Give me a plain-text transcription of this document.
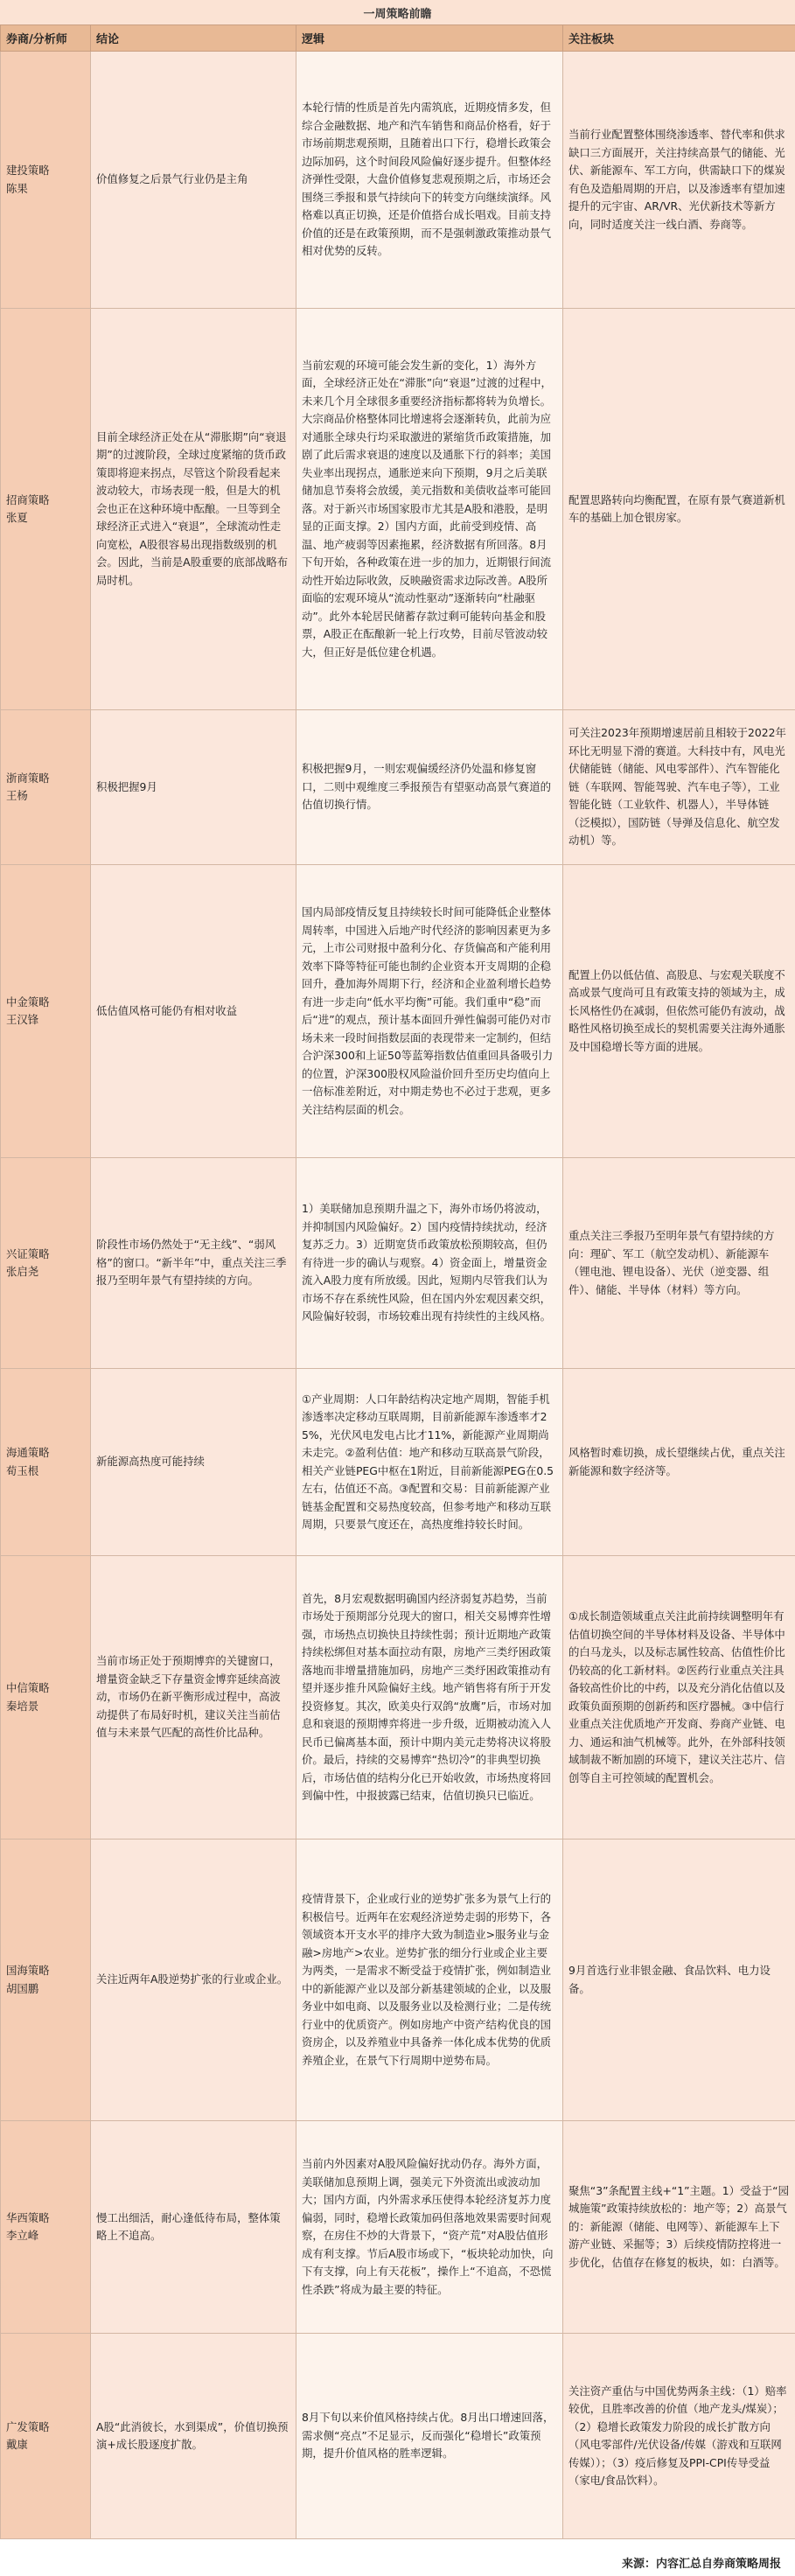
一周策略前瞻
券商/分析师	结论	逻辑	关注板块

建投策略
陈果	价值修复之后景气行业仍是主角	本轮行情的性质是首先内需筑底，近期疫情多发，但综合金融数据、地产和汽车销售和商品价格看，好于市场前期悲观预期，且随着出口下行，稳增长政策会边际加码，这个时间段风险偏好逐步提升。但整体经济弹性受限，大盘价值修复悲观预期之后，市场还会围绕三季报和景气持续向下的转变方向继续演绎。风格难以真正切换，还是价值搭台成长唱戏。目前支持价值的还是在政策预期，而不是强刺激政策推动景气相对优势的反转。	当前行业配置整体围绕渗透率、替代率和供求缺口三方面展开，关注持续高景气的储能、光伏、新能源车、军工方向，供需缺口下的煤炭有色及造船周期的开启，以及渗透率有望加速提升的元宇宙、AR/VR、光伏新技术等新方向，同时适度关注一线白酒、券商等。

招商策略
张夏	目前全球经济正处在从“滞胀期”向“衰退期”的过渡阶段，全球过度紧缩的货币政策即将迎来拐点，尽管这个阶段看起来波动较大，市场表现一般，但是大的机会也正在这种环境中酝酿。一旦等到全球经济正式进入“衰退”，全球流动性走向宽松，A股很容易出现指数级别的机会。因此，当前是A股重要的底部战略布局时机。	当前宏观的环境可能会发生新的变化，1）海外方面，全球经济正处在“滞胀”向“衰退”过渡的过程中，未来几个月全球很多重要经济指标都将转为负增长。大宗商品价格整体同比增速将会逐渐转负，此前为应对通胀全球央行均采取激进的紧缩货币政策措施，加剧了此后需求衰退的速度以及通胀下行的斜率；美国失业率出现拐点，通胀逆来向下预期，9月之后美联储加息节奏将会放缓，美元指数和美债收益率可能回落。对于新兴市场国家股市尤其是A股和港股，是明显的正面支撑。2）国内方面，此前受到疫情、高温、地产疲弱等因素拖累，经济数据有所回落。8月下旬开始，各种政策在进一步的加力，近期银行间流动性开始边际收敛，反映融资需求边际改善。A股所面临的宏观环境从“流动性驱动”逐渐转向“杜融驱动”。此外本轮居民储蓄存款过剩可能转向基金和股票，A股正在酝酿新一轮上行攻势，目前尽管波动较大，但正好是低位建仓机遇。	配置思路转向均衡配置，在原有景气赛道新机车的基础上加仓银房家。

浙商策略
王杨	积极把握9月	积极把握9月，一则宏观偏缓经济仍处温和修复窗口，二则中观维度三季报预告有望驱动高景气赛道的估值切换行情。	可关注2023年预期增速居前且相较于2022年环比无明显下滑的赛道。大科技中有，风电光伏储能链（储能、风电零部件）、汽车智能化链（车联网、智能驾驶、汽车电子等），工业智能化链（工业软件、机器人），半导体链（泛模拟），国防链（导弹及信息化、航空发动机）等。

中金策略
王汉锋	低估值风格可能仍有相对收益	国内局部疫情反复且持续较长时间可能降低企业整体周转率，中国进入后地产时代经济的影响因素更为多元，上市公司财报中盈利分化、存货偏高和产能利用效率下降等特征可能也制约企业资本开支周期的企稳回升，叠加海外周期下行，经济和企业盈利增长趋势有进一步走向“低水平均衡”可能。我们重申“稳”而后“进”的观点，预计基本面回升弹性偏弱可能仍对市场未来一段时间指数层面的表现带来一定制约，但结合沪深300和上证50等蓝筹指数估值重回具备吸引力的位置，沪深300股权风险溢价回升至历史均值向上一倍标准差附近，对中期走势也不必过于悲观，更多关注结构层面的机会。	配置上仍以低估值、高股息、与宏观关联度不高或景气度尚可且有政策支持的领域为主，成长风格性仍在减弱，但依然可能仍有波动，战略性风格切换至成长的契机需要关注海外通胀及中国稳增长等方面的进展。

兴证策略
张启尧	阶段性市场仍然处于“无主线”、“弱风格”的窗口。“新半年”中，重点关注三季报乃至明年景气有望持续的方向。	1）美联储加息预期升温之下，海外市场仍将波动，并抑制国内风险偏好。2）国内疫情持续扰动，经济复苏乏力。3）近期宽货币政策放松预期较高，但仍有待进一步的确认与观察。4）资金面上，增量资金流入A股力度有所放缓。因此，短期内尽管我们认为市场不存在系统性风险，但在国内外宏观因素交织，风险偏好较弱，市场较难出现有持续性的主线风格。	重点关注三季报乃至明年景气有望持续的方向：理矿、军工（航空发动机）、新能源车（锂电池、锂电设备）、光伏（逆变器、组件）、储能、半导体（材料）等方向。

海通策略
荀玉根	新能源高热度可能持续	①产业周期：人口年龄结构决定地产周期，智能手机渗透率决定移动互联周期，目前新能源车渗透率才25%，光伏风电发电占比才11%，新能源产业周期尚未走完。②盈利估值：地产和移动互联高景气阶段，相关产业链PEG中枢在1附近，目前新能源PEG在0.5左右，估值还不高。③配置和交易：目前新能源产业链基金配置和交易热度较高，但参考地产和移动互联周期，只要景气度还在，高热度维持较长时间。	风格暂时难切换，成长望继续占优，重点关注新能源和数字经济等。

中信策略
秦培景	当前市场正处于预期博弈的关键窗口，增量资金缺乏下存量资金博弈延续高波动，市场仍在新平衡形成过程中，高波动提供了布局好时机，建议关注当前估值与未来景气匹配的高性价比品种。	首先，8月宏观数据明确国内经济弱复苏趋势，当前市场处于预期部分兑现大的窗口，相关交易博弈性增强，市场热点切换快且持续性弱；预计近期地产政策持续松绑但对基本面拉动有限，房地产三类纾困政策落地而非增量措施加码，房地产三类纾困政策推动有望并逐步推升风险偏好主线。地产销售将有所于开发投资修复。其次，欧美央行双鸽“放鹰”后，市场对加息和衰退的预期博弈将进一步升级，近期被动流入人民币已偏离基本面，预计中期内美元走势将决议将股价。最后，持续的交易博弈“热切冷”的非典型切换后，市场估值的结构分化已开始收敛，市场热度将回到偏中性，中报披露已结束，估值切换只已临近。	①成长制造领域重点关注此前持续调整明年有估值切换空间的半导体材料及设备、半导体中的白马龙头，以及标志属性较高、估值性价比仍较高的化工新材料。②医药行业重点关注具备较高性价比的中药，以及充分消化估值以及政策负面预期的创新药和医疗器械。③中信行业重点关注优质地产开发商、券商产业链、电力、通运和油气机械等。此外，在外部科技领域制裁不断加剧的环境下，建议关注芯片、信创等自主可控领域的配置机会。

国海策略
胡国鹏	关注近两年A股逆势扩张的行业或企业。	疫情背景下，企业或行业的逆势扩张多为景气上行的积极信号。近两年在宏观经济逆势走弱的形势下，各领域资本开支水平的排序大致为制造业>服务业与金融>房地产>农业。逆势扩张的细分行业或企业主要为两类，一是需求不断受益于疫情扩张，例如制造业中的新能源产业以及部分新基建领域的企业，以及服务业中如电商、以及服务业以及检测行业；二是传统行业中的优质资产。例如房地产中资产结构优良的国资房企，以及养殖业中具备养一体化成本优势的优质养殖企业，在景气下行周期中逆势布局。	9月首选行业非银金融、食品饮料、电力设备。

华西策略
李立峰	慢工出细活，耐心逢低待布局，整体策略上不追高。	当前内外因素对A股风险偏好扰动仍存。海外方面，美联储加息预期上调，强美元下外资流出或波动加大；国内方面，内外需求承压使得本轮经济复苏力度偏弱，同时，稳增长政策加码但落地效果需要时间观察，在房住不炒的大背景下，“资产荒”对A股估值形成有利支撑。节后A股市场或下，“板块轮动加快，向下有支撑，向上有天花板”，操作上“不追高，不恐慌性杀跌”将成为最主要的特征。	聚焦“3”条配置主线+“1”主题。1）受益于“园城施策”政策持续放松的：地产等；2）高景气的：新能源（储能、电网等）、新能源车上下游产业链、采掘等；3）后续疫情防控将进一步优化，估值存在修复的板块，如：白酒等。

广发策略
戴康	A股“此消彼长，水到渠成”，价值切换预演+成长股逐度扩散。	8月下旬以来价值风格持续占优。8月出口增速回落，需求侧“亮点”不足显示，反而强化“稳增长”政策预期，提升价值风格的胜率逻辑。	关注资产重估与中国优势两条主线：（1）赔率较优，且胜率改善的价值（地产龙头/煤炭）；（2）稳增长政策发力阶段的成长扩散方向（风电零部件/光伏设备/传媒（游戏和互联网传媒））；（3）疫后修复及PPI-CPI传导受益（家电/食品饮料）。
来源：内容汇总自券商策略周报
